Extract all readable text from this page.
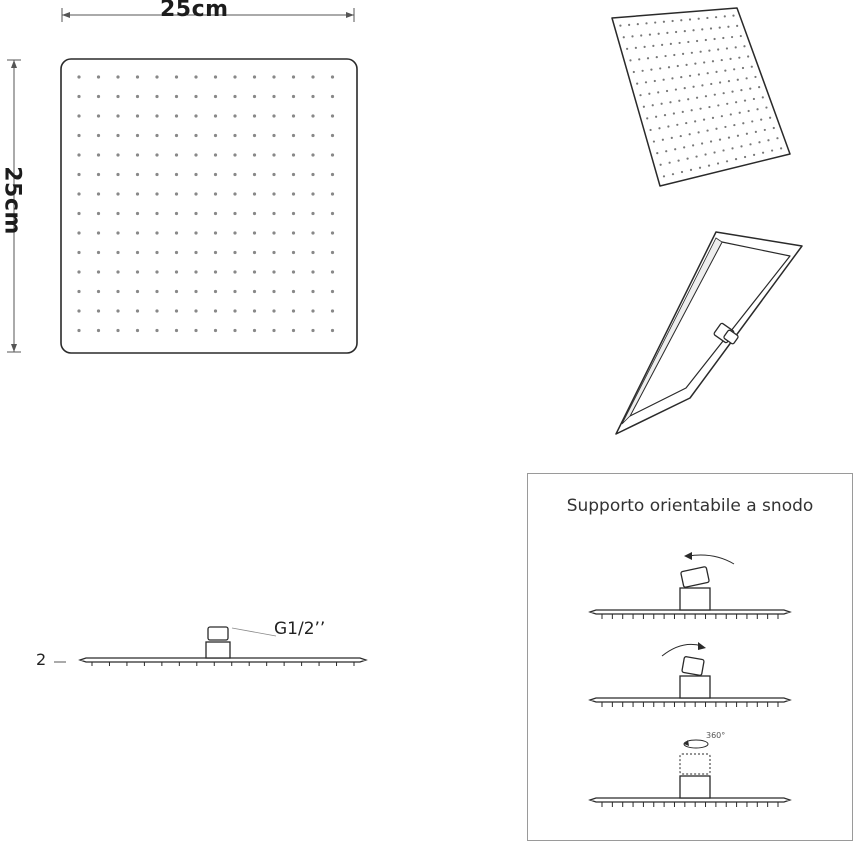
25cm
25cm
2
G1/2’’
Supporto orientabile a snodo
360°
